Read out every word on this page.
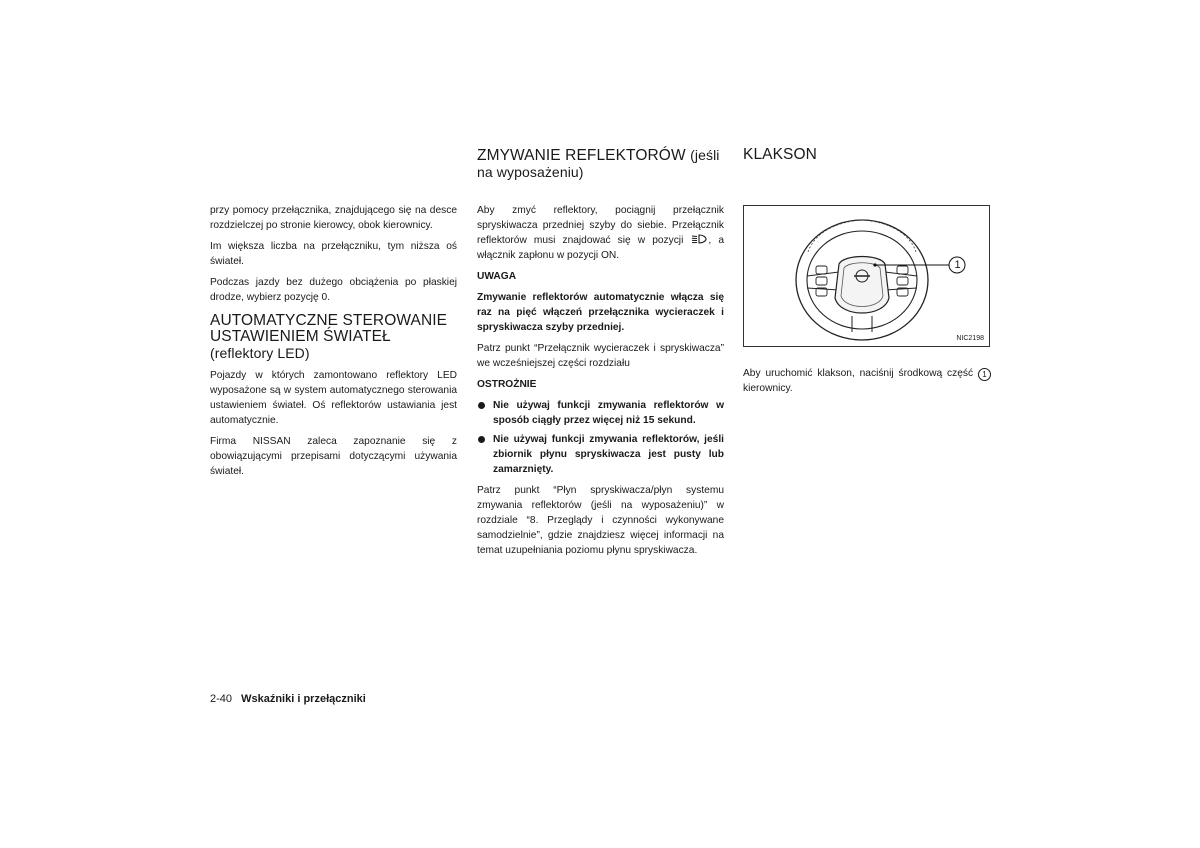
przy pomocy przełącznika, znajdującego się na desce rozdzielczej po stronie kierowcy, obok kierownicy.

Im większa liczba na przełączniku, tym niższa oś świateł.

Podczas jazdy bez dużego obciążenia po płaskiej drodze, wybierz pozycję 0.

AUTOMATYCZNE STEROWANIE USTAWIENIEM ŚWIATEŁ (reflektory LED)

Pojazdy w których zamontowano reflektory LED wyposażone są w system automatycznego sterowania ustawieniem świateł. Oś reflektorów ustawiania jest automatycznie.

Firma NISSAN zaleca zapoznanie się z obowiązującymi przepisami dotyczącymi używania świateł.

ZMYWANIE REFLEKTORÓW (jeśli na wyposażeniu)

Aby zmyć reflektory, pociągnij przełącznik spryskiwacza przedniej szyby do siebie. Przełącznik reflektorów musi znajdować się w pozycji , a włącznik zapłonu w pozycji ON.

UWAGA

Zmywanie reflektorów automatycznie włącza się raz na pięć włączeń przełącznika wycieraczek i spryskiwacza szyby przedniej.

Patrz punkt “Przełącznik wycieraczek i spryskiwacza” we wcześniejszej części rozdziału

OSTROŻNIE

Nie używaj funkcji zmywania reflektorów w sposób ciągły przez więcej niż 15 sekund.
Nie używaj funkcji zmywania reflektorów, jeśli zbiornik płynu spryskiwacza jest pusty lub zamarznięty.

Patrz punkt “Płyn spryskiwacza/płyn systemu zmywania reflektorów (jeśli na wyposażeniu)” w rozdziale “8. Przeglądy i czynności wykonywane samodzielnie”, gdzie znajdziesz więcej informacji na temat uzupełniania poziomu płynu spryskiwacza.

KLAKSON
1
NIC2198

Aby uruchomić klakson, naciśnij środkową część 1 kierownicy.

2-40 Wskaźniki i przełączniki
